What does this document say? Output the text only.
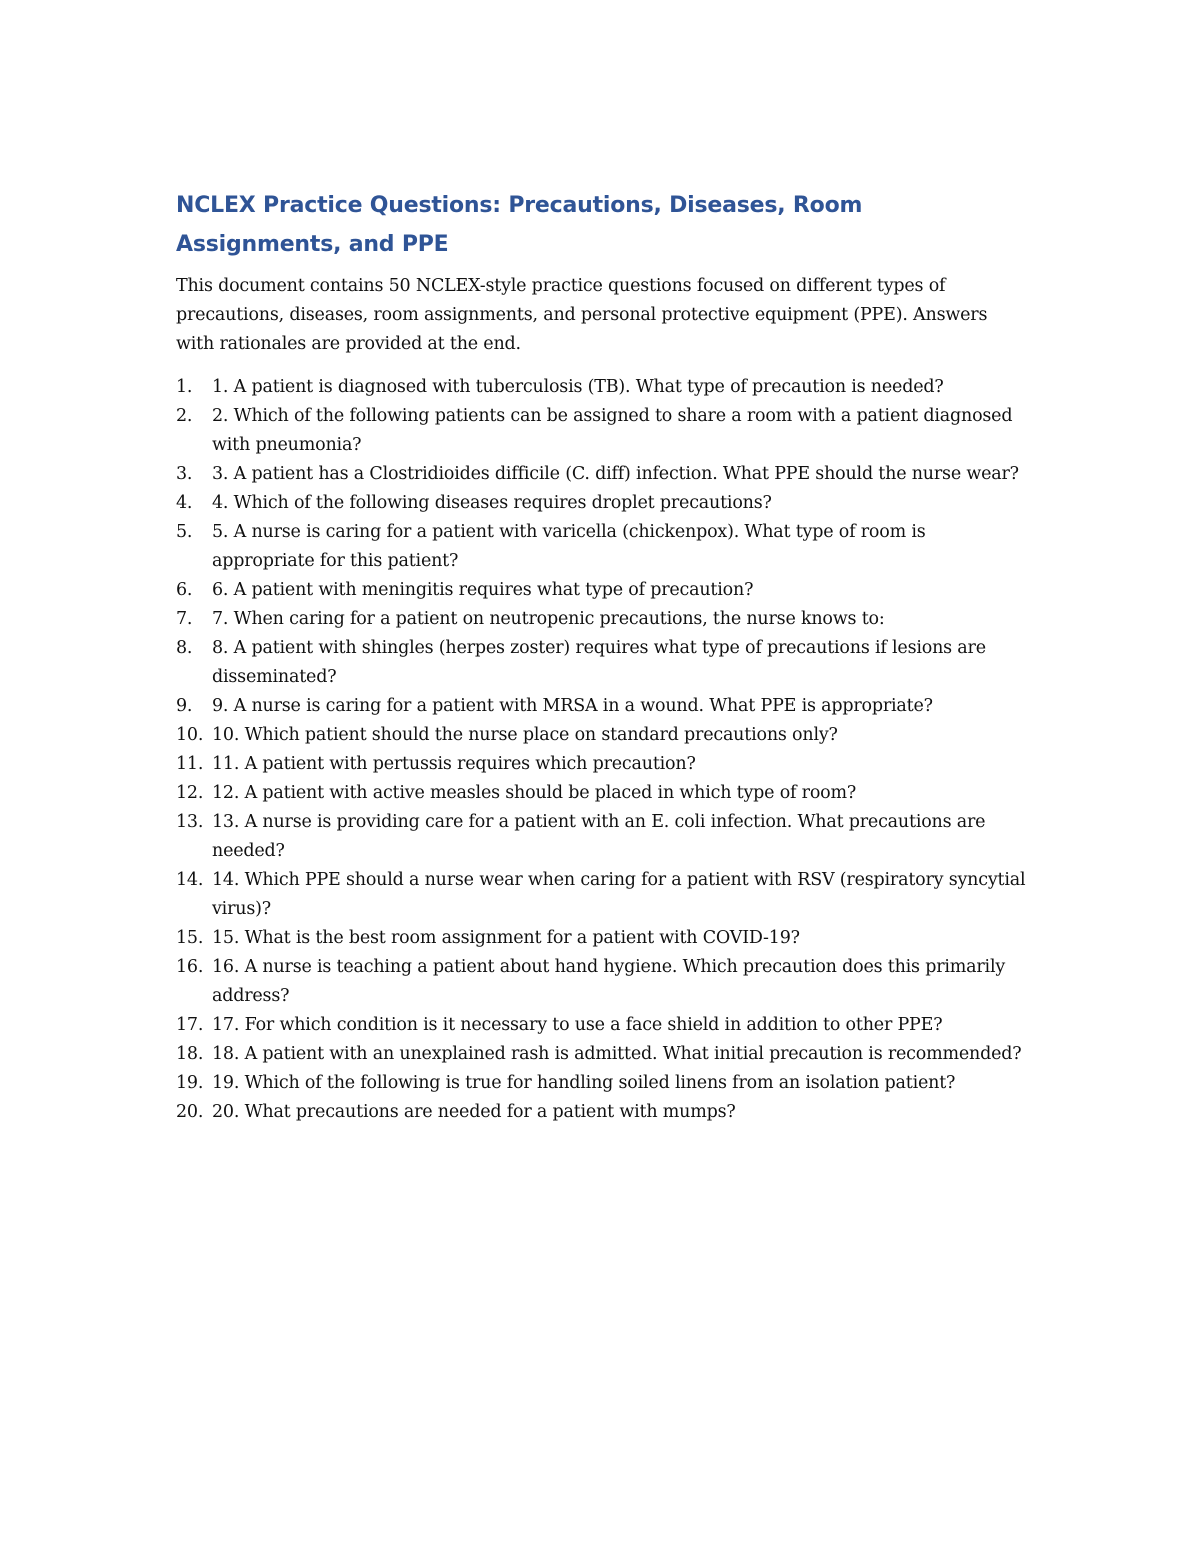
NCLEX Practice Questions: Precautions, Diseases, Room Assignments, and PPE

This document contains 50 NCLEX-style practice questions focused on different types of precautions, diseases, room assignments, and personal protective equipment (PPE). Answers with rationales are provided at the end.

1. 1. A patient is diagnosed with tuberculosis (TB). What type of precaution is needed?
2. 2. Which of the following patients can be assigned to share a room with a patient diagnosed with pneumonia?
3. 3. A patient has a Clostridioides difficile (C. diff) infection. What PPE should the nurse wear?
4. 4. Which of the following diseases requires droplet precautions?
5. 5. A nurse is caring for a patient with varicella (chickenpox). What type of room is appropriate for this patient?
6. 6. A patient with meningitis requires what type of precaution?
7. 7. When caring for a patient on neutropenic precautions, the nurse knows to:
8. 8. A patient with shingles (herpes zoster) requires what type of precautions if lesions are disseminated?
9. 9. A nurse is caring for a patient with MRSA in a wound. What PPE is appropriate?
10. 10. Which patient should the nurse place on standard precautions only?
11. 11. A patient with pertussis requires which precaution?
12. 12. A patient with active measles should be placed in which type of room?
13. 13. A nurse is providing care for a patient with an E. coli infection. What precautions are needed?
14. 14. Which PPE should a nurse wear when caring for a patient with RSV (respiratory syncytial virus)?
15. 15. What is the best room assignment for a patient with COVID-19?
16. 16. A nurse is teaching a patient about hand hygiene. Which precaution does this primarily address?
17. 17. For which condition is it necessary to use a face shield in addition to other PPE?
18. 18. A patient with an unexplained rash is admitted. What initial precaution is recommended?
19. 19. Which of the following is true for handling soiled linens from an isolation patient?
20. 20. What precautions are needed for a patient with mumps?
